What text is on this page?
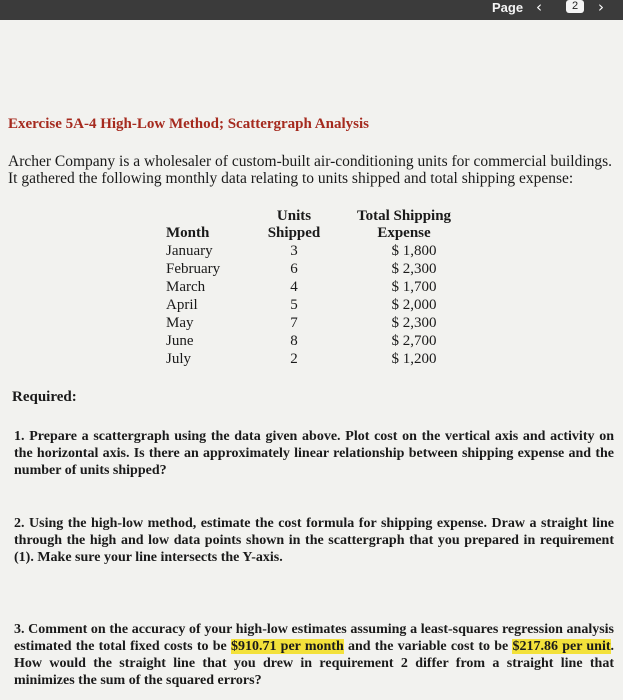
Page ‹	2	›
Exercise 5A-4 High-Low Method; Scattergraph Analysis

Archer Company is a wholesaler of custom-built air-conditioning units for commercial buildings. It gathered the following monthly data relating to units shipped and total shipping expense:

	Units	Total Shipping
Month	Shipped	Expense
January	3	$ 1,800
February	6	$ 2,300
March	4	$ 1,700
April	5	$ 2,000
May	7	$ 2,300
June	8	$ 2,700
July	2	$ 1,200

Required:

1. Prepare a scattergraph using the data given above. Plot cost on the vertical axis and activity on the horizontal axis. Is there an approximately linear relationship between shipping expense and the number of units shipped?

2. Using the high-low method, estimate the cost formula for shipping expense. Draw a straight line through the high and low data points shown in the scattergraph that you prepared in requirement (1). Make sure your line intersects the Y-axis.

3. Comment on the accuracy of your high-low estimates assuming a least-squares regression analysis estimated the total fixed costs to be $910.71 per month and the variable cost to be $217.86 per unit. How would the straight line that you drew in requirement 2 differ from a straight line that minimizes the sum of the squared errors?
